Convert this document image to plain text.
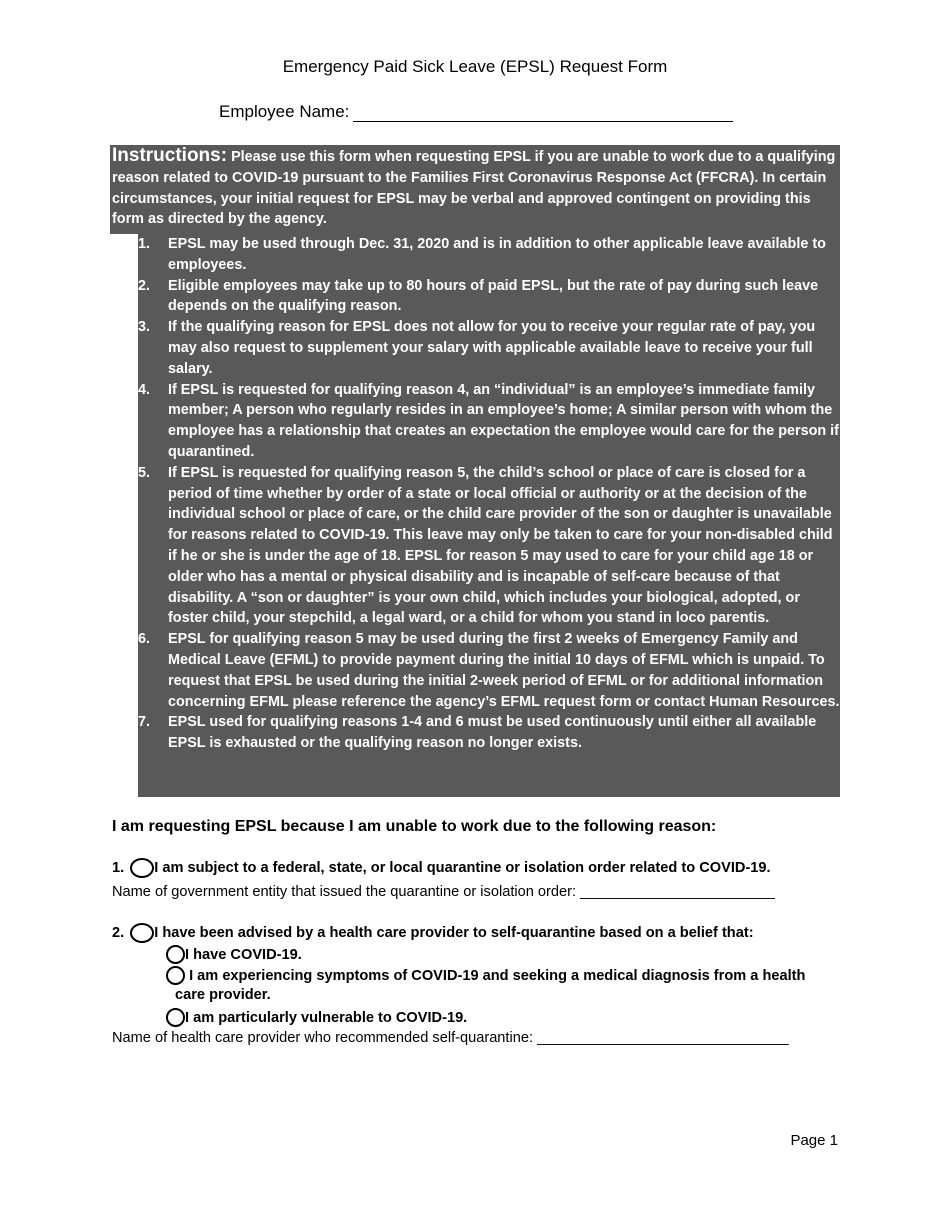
Emergency Paid Sick Leave (EPSL) Request Form
Employee Name:
Instructions: Please use this form when requesting EPSL if you are unable to work due to a qualifying reason related to COVID-19 pursuant to the Families First Coronavirus Response Act (FFCRA). In certain circumstances, your initial request for EPSL may be verbal and approved contingent on providing this form as directed by the agency.
1. EPSL may be used through Dec. 31, 2020 and is in addition to other applicable leave available to employees.
2. Eligible employees may take up to 80 hours of paid EPSL, but the rate of pay during such leave depends on the qualifying reason.
3. If the qualifying reason for EPSL does not allow for you to receive your regular rate of pay, you may also request to supplement your salary with applicable available leave to receive your full salary.
4. If EPSL is requested for qualifying reason 4, an “individual” is an employee’s immediate family member; A person who regularly resides in an employee’s home; A similar person with whom the employee has a relationship that creates an expectation the employee would care for the person if quarantined.
5. If EPSL is requested for qualifying reason 5, the child’s school or place of care is closed for a period of time whether by order of a state or local official or authority or at the decision of the individual school or place of care, or the child care provider of the son or daughter is unavailable for reasons related to COVID-19. This leave may only be taken to care for your non-disabled child if he or she is under the age of 18. EPSL for reason 5 may used to care for your child age 18 or older who has a mental or physical disability and is incapable of self-care because of that disability. A “son or daughter” is your own child, which includes your biological, adopted, or foster child, your stepchild, a legal ward, or a child for whom you stand in loco parentis.
6. EPSL for qualifying reason 5 may be used during the first 2 weeks of Emergency Family and Medical Leave (EFML) to provide payment during the initial 10 days of EFML which is unpaid. To request that EPSL be used during the initial 2-week period of EFML or for additional information concerning EFML please reference the agency’s EFML request form or contact Human Resources.
7. EPSL used for qualifying reasons 1-4 and 6 must be used continuously until either all available EPSL is exhausted or the qualifying reason no longer exists.
I am requesting EPSL because I am unable to work due to the following reason:
1. I am subject to a federal, state, or local quarantine or isolation order related to COVID-19.
Name of government entity that issued the quarantine or isolation order: ________________________
2. I have been advised by a health care provider to self-quarantine based on a belief that:
I have COVID-19.
I am experiencing symptoms of COVID-19 and seeking a medical diagnosis from a health
care provider.
I am particularly vulnerable to COVID-19.
Name of health care provider who recommended self-quarantine: _______________________________
Page 1
